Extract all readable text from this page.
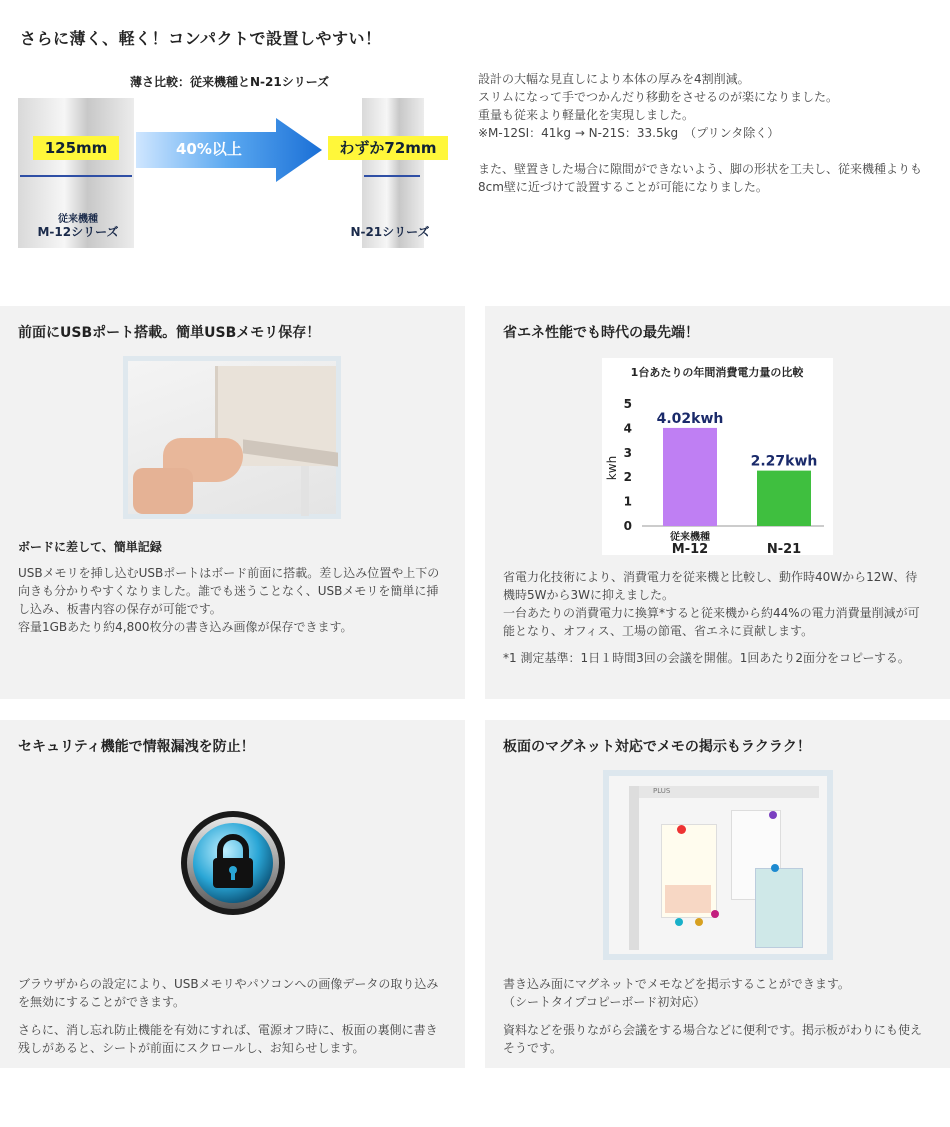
さらに薄く、軽く！コンパクトで設置しやすい！
薄さ比較：従来機種とN-21シリーズ
40%以上
125mm	わずか72mm
従来機種
M-12シリーズ	N-21シリーズ
設計の大幅な見直しにより本体の厚みを4割削減。
スリムになって手でつかんだり移動をさせるのが楽になりました。
重量も従来より軽量化を実現しました。
※M-12SI：41kg → N-21S：33.5kg　（プリンタ除く）
また、壁置きした場合に隙間ができないよう、脚の形状を工夫し、従来機種よりも8cm壁に近づけて設置することが可能になりました。
前面にUSBポート搭載。簡単USBメモリ保存！
ボードに差して、簡単記録
USBメモリを挿し込むUSBポートはボード前面に搭載。差し込み位置や上下の向きも分かりやすくなりました。誰でも迷うことなく、USBメモリを簡単に挿し込み、板書内容の保存が可能です。
容量1GBあたり約4,800枚分の書き込み画像が保存できます。
省エネ性能でも時代の最先端！
1台あたりの年間消費電力量の比較
0
1
2
3
4
5
kwh
4.02kwh
従来機種
M-12
2.27kwh
N-21
省電力化技術により、消費電力を従来機と比較し、動作時40Wから12W、待機時5Wから3Wに抑えました。
一台あたりの消費電力に換算*すると従来機から約44%の電力消費量削減が可能となり、オフィス、工場の節電、省エネに貢献します。
*1 測定基準：1日１時間3回の会議を開催。1回あたり2面分をコピーする。
セキュリティ機能で情報漏洩を防止！
ブラウザからの設定により、USBメモリやパソコンへの画像データの取り込みを無効にすることができます。
さらに、消し忘れ防止機能を有効にすれば、電源オフ時に、板面の裏側に書き残しがあると、シートが前面にスクロールし、お知らせします。
板面のマグネット対応でメモの掲示もラクラク！
PLUS
書き込み面にマグネットでメモなどを掲示することができます。
（シートタイプコピーボード初対応）
資料などを張りながら会議をする場合などに便利です。掲示板がわりにも使えそうです。
